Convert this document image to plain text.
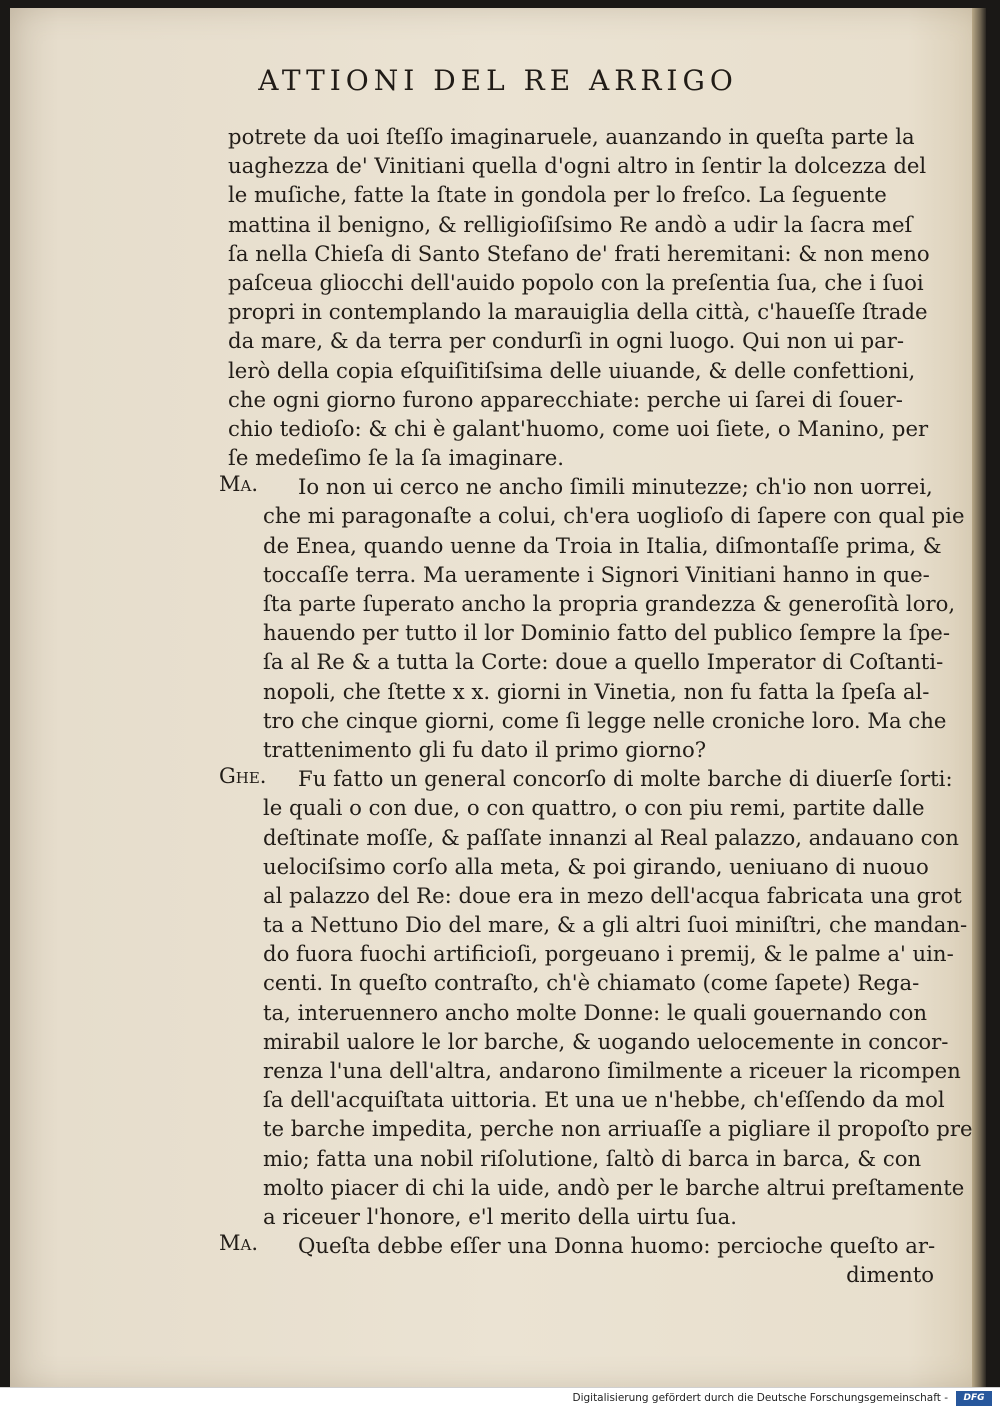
ATTIONI DEL RE ARRIGO
potrete da uoi ſteſſo imaginaruele, auanzando in queſta parte la
uaghezza de' Vinitiani quella d'ogni altro in ſentir la dolcezza del
le muſiche, fatte la ſtate in gondola per lo freſco. La ſeguente
mattina il benigno, & relligioſiſsimo Re andò a udir la ſacra meſ
ſa nella Chieſa di Santo Stefano de' frati heremitani: & non meno
paſceua gliocchi dell'auido popolo con la preſentia ſua, che i ſuoi
propri in contemplando la marauiglia della città, c'haueſſe ſtrade
da mare, & da terra per condurſi in ogni luogo. Qui non ui par-
lerò della copia eſquiſitiſsima delle uiuande, & delle confettioni,
che ogni giorno furono apparecchiate: perche ui ſarei di ſouer-
chio tedioſo: & chi è galant'huomo, come uoi ſiete, o Manino, per
ſe medeſimo ſe la ſa imaginare.
Ma.	Io non ui cerco ne ancho ſimili minutezze; ch'io non uorrei,
che mi paragonaſte a colui, ch'era uoglioſo di ſapere con qual pie
de Enea, quando uenne da Troia in Italia, diſmontaſſe prima, &
toccaſſe terra. Ma ueramente i Signori Vinitiani hanno in que-
ſta parte ſuperato ancho la propria grandezza & generoſità loro,
hauendo per tutto il lor Dominio fatto del publico ſempre la ſpe-
ſa al Re & a tutta la Corte: doue a quello Imperator di Coſtanti-
nopoli, che ſtette x x. giorni in Vinetia, non fu fatta la ſpeſa al-
tro che cinque giorni, come ſi legge nelle croniche loro. Ma che
trattenimento gli fu dato il primo giorno?
Ghe.	Fu fatto un general concorſo di molte barche di diuerſe ſorti:
le quali o con due, o con quattro, o con piu remi, partite dalle
deſtinate moſſe, & paſſate innanzi al Real palazzo, andauano con
uelociſsimo corſo alla meta, & poi girando, ueniuano di nuouo
al palazzo del Re: doue era in mezo dell'acqua fabricata una grot
ta a Nettuno Dio del mare, & a gli altri ſuoi miniſtri, che mandan-
do fuora fuochi artificioſi, porgeuano i premij, & le palme a' uin-
centi. In queſto contraſto, ch'è chiamato (come ſapete) Rega-
ta, interuennero ancho molte Donne: le quali gouernando con
mirabil ualore le lor barche, & uogando uelocemente in concor-
renza l'una dell'altra, andarono ſimilmente a riceuer la ricompen
ſa dell'acquiſtata uittoria. Et una ue n'hebbe, ch'eſſendo da mol
te barche impedita, perche non arriuaſſe a pigliare il propoſto pre
mio; fatta una nobil riſolutione, ſaltò di barca in barca, & con
molto piacer di chi la uide, andò per le barche altrui preſtamente
a riceuer l'honore, e'l merito della uirtu ſua.
Ma.	Queſta debbe eſſer una Donna huomo: percioche queſto ar-
dimento
Digitalisierung gefördert durch die Deutsche Forschungsgemeinschaft -	DFG
